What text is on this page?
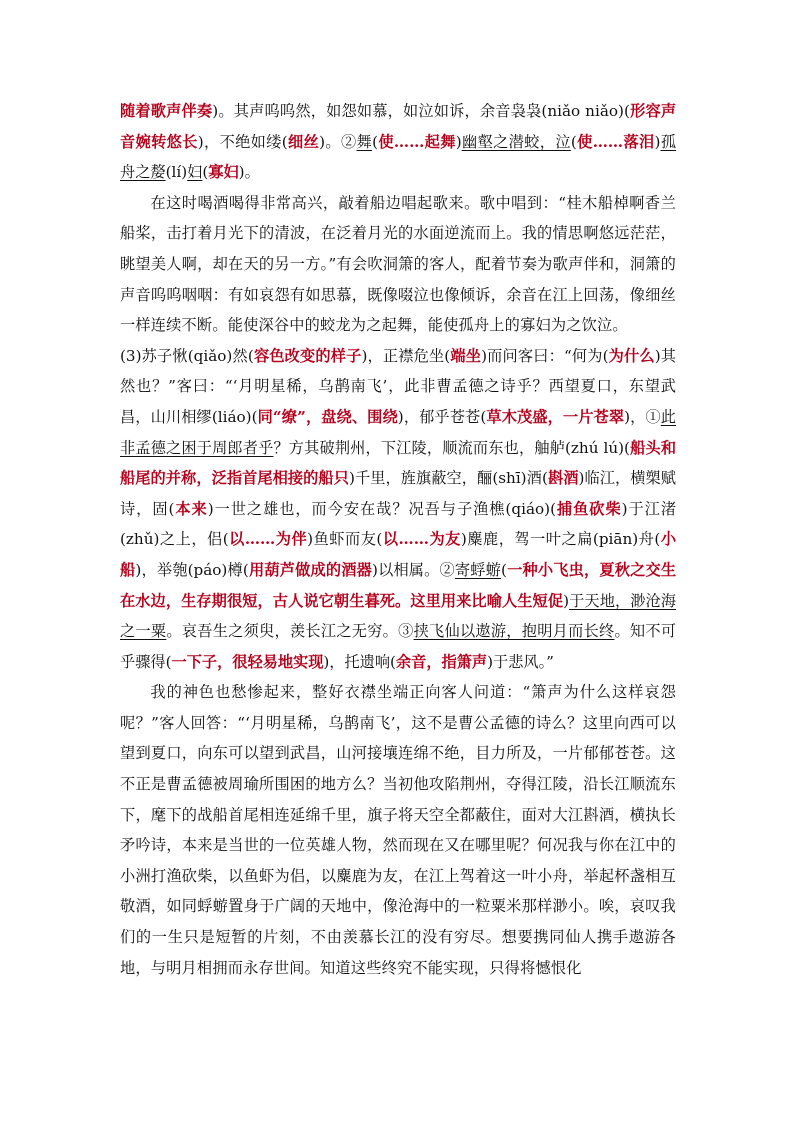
随着歌声伴奏)。其声呜呜然，如怨如慕，如泣如诉，余音袅袅(niǎo niǎo)(形容声音婉转悠长)，不绝如缕(细丝)。②舞(使……起舞)幽壑之潜蛟，泣(使……落泪)孤舟之嫠(lí)妇(寡妇)。

在这时喝酒喝得非常高兴，敲着船边唱起歌来。歌中唱到：“桂木船棹啊香兰船桨，击打着月光下的清波，在泛着月光的水面逆流而上。我的情思啊悠远茫茫，眺望美人啊，却在天的另一方。”有会吹洞箫的客人，配着节奏为歌声伴和，洞箫的声音呜呜咽咽：有如哀怨有如思慕，既像啜泣也像倾诉，余音在江上回荡，像细丝一样连续不断。能使深谷中的蛟龙为之起舞，能使孤舟上的寡妇为之饮泣。

(3)苏子愀(qiǎo)然(容色改变的样子)，正襟危坐(端坐)而问客曰：“何为(为什么)其然也？”客曰：“‘月明星稀，乌鹊南飞’，此非曹孟德之诗乎？西望夏口，东望武昌，山川相缪(liáo)(同“缭”，盘绕、围绕)，郁乎苍苍(草木茂盛，一片苍翠)，①此非孟德之困于周郎者乎？方其破荆州，下江陵，顺流而东也，舳舻(zhú lú)(船头和船尾的并称，泛指首尾相接的船只)千里，旌旗蔽空，酾(shī)酒(斟酒)临江，横槊赋诗，固(本来)一世之雄也，而今安在哉？况吾与子渔樵(qiáo)(捕鱼砍柴)于江渚(zhǔ)之上，侣(以……为伴)鱼虾而友(以……为友)麋鹿，驾一叶之扁(piān)舟(小船)，举匏(páo)樽(用葫芦做成的酒器)以相属。②寄蜉蝣(一种小飞虫，夏秋之交生在水边，生存期很短，古人说它朝生暮死。这里用来比喻人生短促)于天地，渺沧海之一粟。哀吾生之须臾，羡长江之无穷。③挟飞仙以遨游，抱明月而长终。知不可乎骤得(一下子，很轻易地实现)，托遗响(余音，指箫声)于悲风。”

我的神色也愁惨起来，整好衣襟坐端正向客人问道：“箫声为什么这样哀怨呢？”客人回答：“‘月明星稀，乌鹊南飞’，这不是曹公孟德的诗么？这里向西可以望到夏口，向东可以望到武昌，山河接壤连绵不绝，目力所及，一片郁郁苍苍。这不正是曹孟德被周瑜所围困的地方么？当初他攻陷荆州，夺得江陵，沿长江顺流东下，麾下的战船首尾相连延绵千里，旗子将天空全都蔽住，面对大江斟酒，横执长矛吟诗，本来是当世的一位英雄人物，然而现在又在哪里呢？何况我与你在江中的小洲打渔砍柴，以鱼虾为侣，以麋鹿为友，在江上驾着这一叶小舟，举起杯盏相互敬酒，如同蜉蝣置身于广阔的天地中，像沧海中的一粒粟米那样渺小。唉，哀叹我们的一生只是短暂的片刻，不由羡慕长江的没有穷尽。想要携同仙人携手遨游各地，与明月相拥而永存世间。知道这些终究不能实现，只得将憾恨化
